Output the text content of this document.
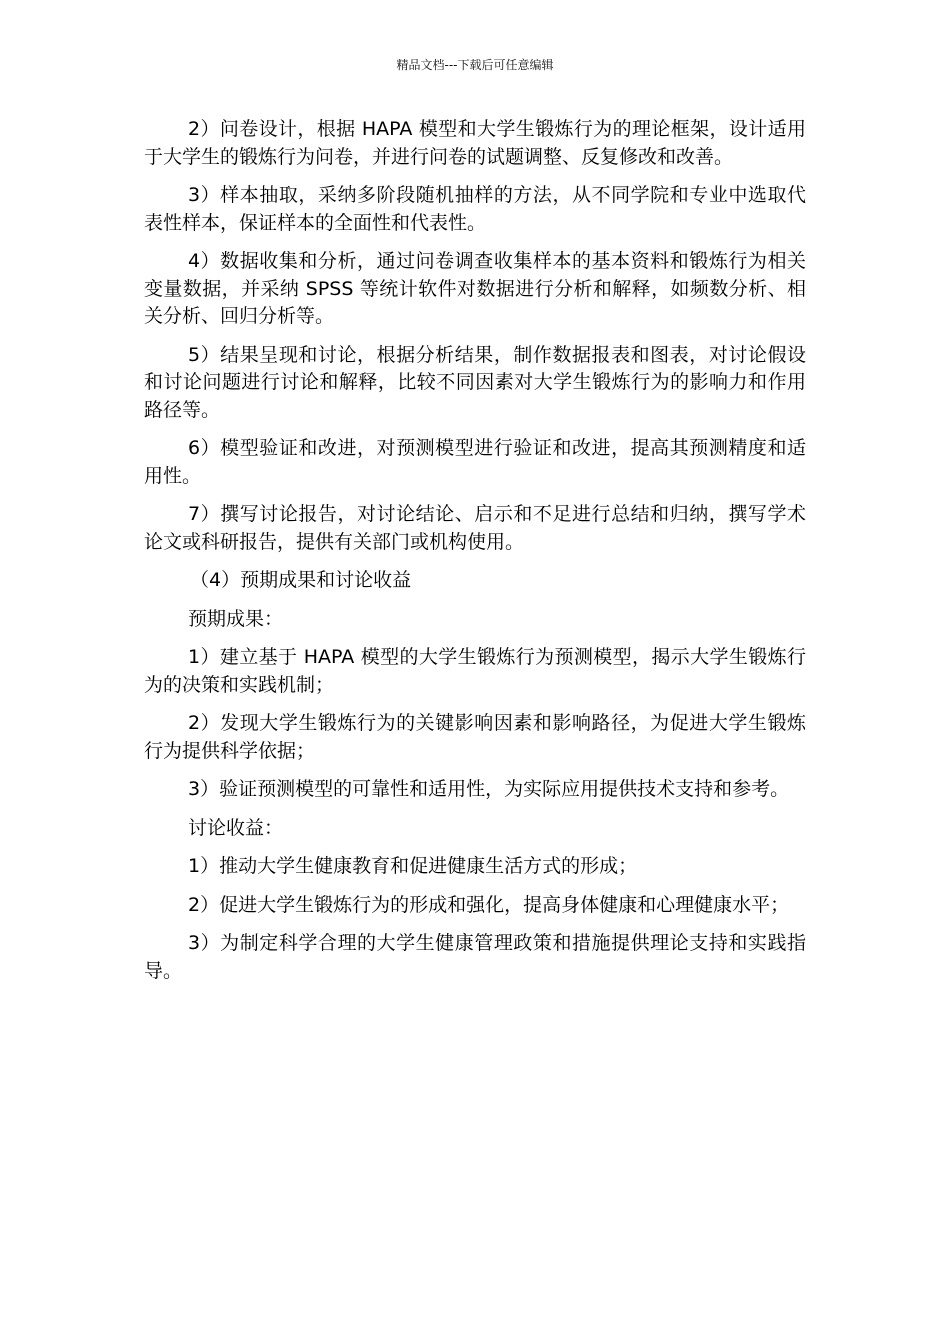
精品文档---下载后可任意编辑

2）问卷设计，根据 HAPA 模型和大学生锻炼行为的理论框架，设计适用于大学生的锻炼行为问卷，并进行问卷的试题调整、反复修改和改善。

3）样本抽取，采纳多阶段随机抽样的方法，从不同学院和专业中选取代表性样本，保证样本的全面性和代表性。

4）数据收集和分析，通过问卷调查收集样本的基本资料和锻炼行为相关变量数据，并采纳 SPSS 等统计软件对数据进行分析和解释，如频数分析、相关分析、回归分析等。

5）结果呈现和讨论，根据分析结果，制作数据报表和图表，对讨论假设和讨论问题进行讨论和解释，比较不同因素对大学生锻炼行为的影响力和作用路径等。

6）模型验证和改进，对预测模型进行验证和改进，提高其预测精度和适用性。

7）撰写讨论报告，对讨论结论、启示和不足进行总结和归纳，撰写学术论文或科研报告，提供有关部门或机构使用。

（4）预期成果和讨论收益

预期成果：

1）建立基于 HAPA 模型的大学生锻炼行为预测模型，揭示大学生锻炼行为的决策和实践机制；

2）发现大学生锻炼行为的关键影响因素和影响路径，为促进大学生锻炼行为提供科学依据；

3）验证预测模型的可靠性和适用性，为实际应用提供技术支持和参考。

讨论收益：

1）推动大学生健康教育和促进健康生活方式的形成；

2）促进大学生锻炼行为的形成和强化，提高身体健康和心理健康水平；

3）为制定科学合理的大学生健康管理政策和措施提供理论支持和实践指导。
